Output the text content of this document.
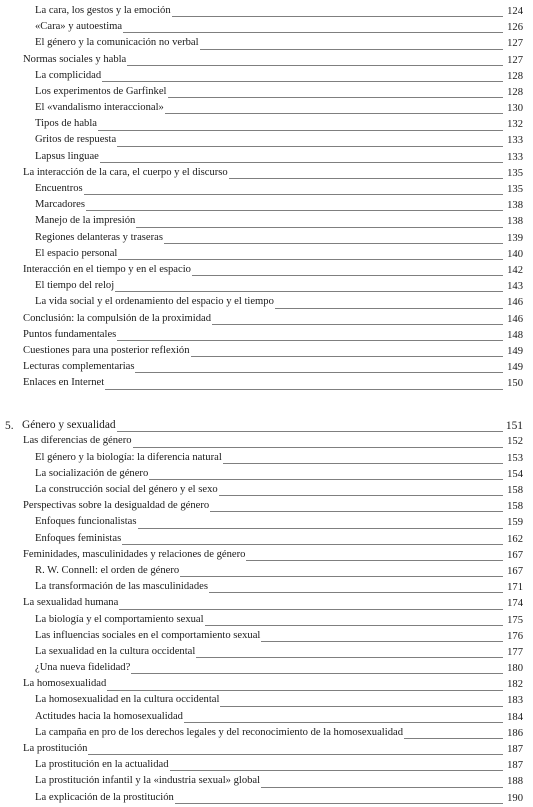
La cara, los gestos y la emoción	124
«Cara» y autoestima	126
El género y la comunicación no verbal	127
Normas sociales y habla	127
La complicidad	128
Los experimentos de Garfinkel	128
El «vandalismo interaccional»	130
Tipos de habla	132
Gritos de respuesta	133
Lapsus linguae	133
La interacción de la cara, el cuerpo y el discurso	135
Encuentros	135
Marcadores	138
Manejo de la impresión	138
Regiones delanteras y traseras	139
El espacio personal	140
Interacción en el tiempo y en el espacio	142
El tiempo del reloj	143
La vida social y el ordenamiento del espacio y el tiempo	146
Conclusión: la compulsión de la proximidad	146
Puntos fundamentales	148
Cuestiones para una posterior reflexión	149
Lecturas complementarias	149
Enlaces en Internet	150
5. Género y sexualidad	151
Las diferencias de género	152
El género y la biología: la diferencia natural	153
La socialización de género	154
La construcción social del género y el sexo	158
Perspectivas sobre la desigualdad de género	158
Enfoques funcionalistas	159
Enfoques feministas	162
Feminidades, masculinidades y relaciones de género	167
R. W. Connell: el orden de género	167
La transformación de las masculinidades	171
La sexualidad humana	174
La biología y el comportamiento sexual	175
Las influencias sociales en el comportamiento sexual	176
La sexualidad en la cultura occidental	177
¿Una nueva fidelidad?	180
La homosexualidad	182
La homosexualidad en la cultura occidental	183
Actitudes hacia la homosexualidad	184
La campaña en pro de los derechos legales y del reconocimiento de la homosexualidad	186
La prostitución	187
La prostitución en la actualidad	187
La prostitución infantil y la «industria sexual» global	188
La explicación de la prostitución	190
